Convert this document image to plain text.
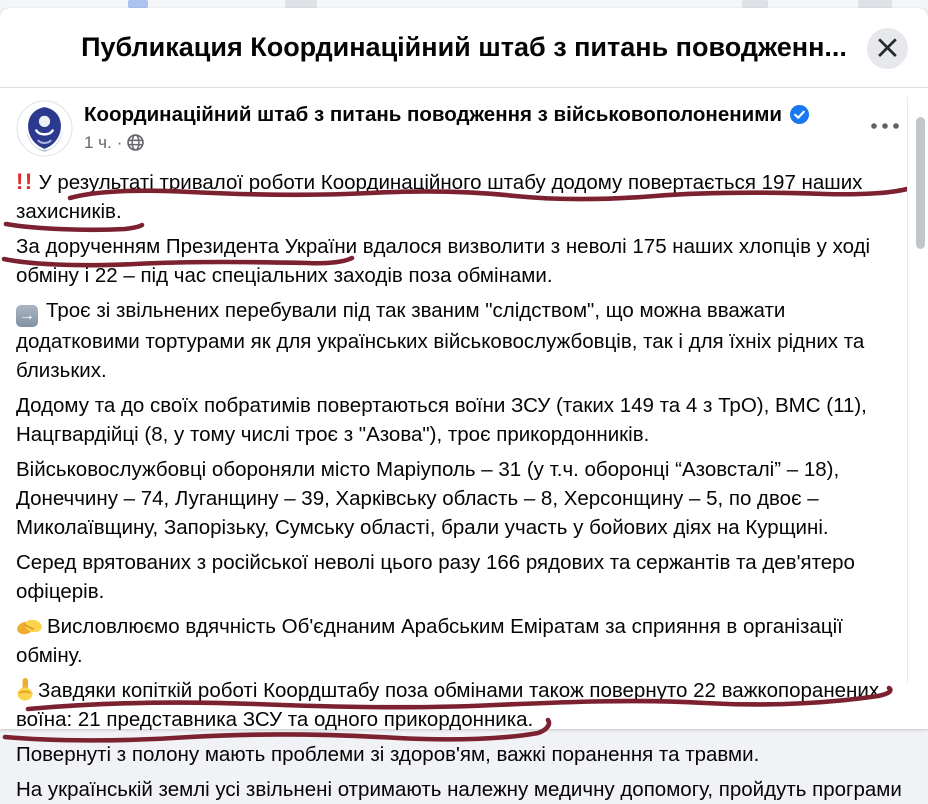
Публикация Координаційний штаб з питань поводженн... ×
Координаційний штаб з питань поводження з військовополоненими
1 ч. ·

!! У результаті тривалої роботи Координаційного штабу додому повертається 197 наших захисників.

За дорученням Президента України вдалося визволити з неволі 175 наших хлопців у ході обміну і 22 – під час спеціальних заходів поза обмінами.

→ Троє зі звільнених перебували під так званим "слідством", що можна вважати додатковими тортурами як для українських військовослужбовців, так і для їхніх рідних та близьких.

Додому та до своїх побратимів повертаються воїни ЗСУ (таких 149 та 4 з ТрО), ВМС (11), Нацгвардійці (8, у тому числі троє з "Азова"), троє прикордонників.

Військовослужбовці обороняли місто Маріуполь – 31 (у т.ч. оборонці “Азовсталі” – 18), Донеччину – 74, Луганщину – 39, Харківську область – 8, Херсонщину – 5, по двоє – Миколаївщину, Запорізьку, Сумську області, брали участь у бойових діях на Курщині.

Серед врятованих з російської неволі цього разу 166 рядових та сержантів та дев'ятеро офіцерів.

Висловлюємо вдячність Об'єднаним Арабським Еміратам за сприяння в організації обміну.

Завдяки копіткій роботі Коордштабу поза обмінами також повернуто 22 важкопоранених воїна: 21 представника ЗСУ та одного прикордонника.

Повернуті з полону мають проблеми зі здоров'ям, важкі поранення та травми.

На українській землі усі звільнені отримають належну медичну допомогу, пройдуть програми
